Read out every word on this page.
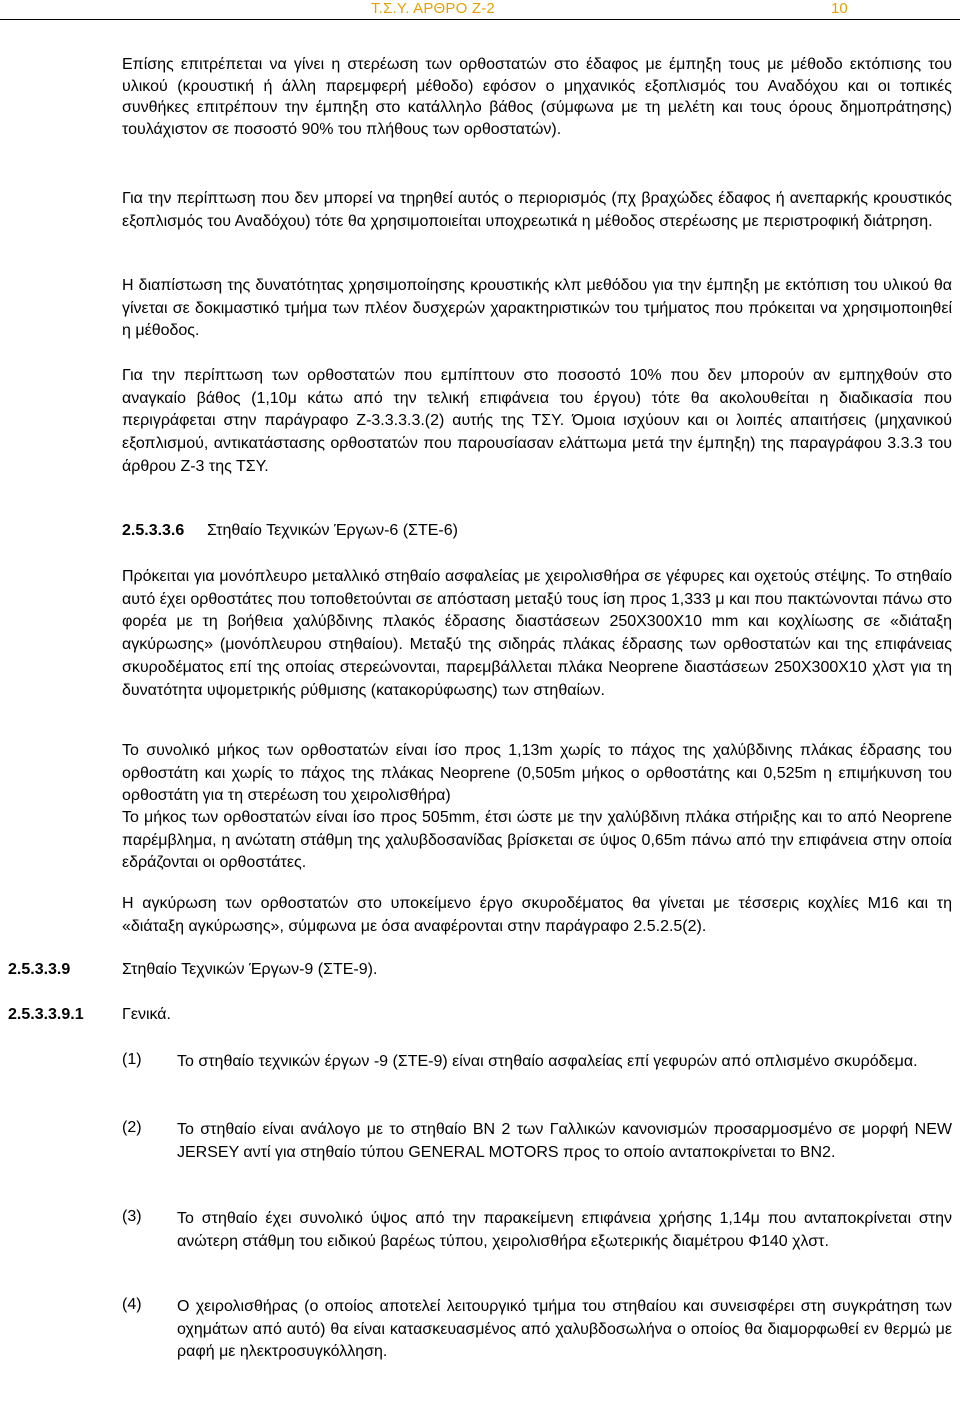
Τ.Σ.Υ. ΑΡΘΡΟ Ζ-2	10

Επίσης επιτρέπεται να γίνει η στερέωση των ορθοστατών στο έδαφος με έμπηξη τους με μέθοδο εκτόπισης του υλικού (κρουστική ή άλλη παρεμφερή μέθοδο) εφόσον ο μηχανικός εξοπλισμός του Αναδόχου και οι τοπικές συνθήκες επιτρέπουν την έμπηξη στο κατάλληλο βάθος (σύμφωνα με τη μελέτη και τους όρους δημοπράτησης) τουλάχιστον σε ποσοστό 90% του πλήθους των ορθοστατών).

Για την περίπτωση που δεν μπορεί να τηρηθεί αυτός ο περιορισμός (πχ βραχώδες έδαφος ή ανεπαρκής κρουστικός εξοπλισμός του Αναδόχου) τότε θα χρησιμοποιείται υποχρεωτικά η μέθοδος στερέωσης με περιστροφική διάτρηση.

Η διαπίστωση της δυνατότητας χρησιμοποίησης κρουστικής κλπ μεθόδου για την έμπηξη με εκτόπιση του υλικού θα γίνεται σε δοκιμαστικό τμήμα των πλέον δυσχερών χαρακτηριστικών του τμήματος που πρόκειται να χρησιμοποιηθεί η μέθοδος.

Για την περίπτωση των ορθοστατών που εμπίπτουν στο ποσοστό 10% που δεν μπορούν αν εμπηχθούν στο αναγκαίο βάθος (1,10μ κάτω από την τελική επιφάνεια του έργου) τότε θα ακολουθείται η διαδικασία που περιγράφεται στην παράγραφο Ζ-3.3.3.3.(2) αυτής της ΤΣΥ. Όμοια ισχύουν και οι λοιπές απαιτήσεις (μηχανικού εξοπλισμού, αντικατάστασης ορθοστατών που παρουσίασαν ελάττωμα μετά την έμπηξη) της παραγράφου 3.3.3 του άρθρου Ζ-3 της ΤΣΥ.

2.5.3.3.6 Στηθαίο Τεχνικών Έργων-6 (ΣΤΕ-6)

Πρόκειται για μονόπλευρο μεταλλικό στηθαίο ασφαλείας με χειρολισθήρα σε γέφυρες και οχετούς στέψης. Το στηθαίο αυτό έχει ορθοστάτες που τοποθετούνται σε απόσταση μεταξύ τους ίση προς 1,333 μ και που πακτώνονται πάνω στο φορέα με τη βοήθεια χαλύβδινης πλακός έδρασης διαστάσεων 250Χ300Χ10 mm και κοχλίωσης σε «διάταξη αγκύρωσης» (μονόπλευρου στηθαίου). Μεταξύ της σιδηράς πλάκας έδρασης των ορθοστατών και της επιφάνειας σκυροδέματος επί της οποίας στερεώνονται, παρεμβάλλεται πλάκα Neoprene διαστάσεων 250Χ300Χ10 χλστ για τη δυνατότητα υψομετρικής ρύθμισης (κατακορύφωσης) των στηθαίων.

Το συνολικό μήκος των ορθοστατών είναι ίσο προς 1,13m χωρίς το πάχος της χαλύβδινης πλάκας έδρασης του ορθοστάτη και χωρίς το πάχος της πλάκας Neoprene (0,505m μήκος ο ορθοστάτης και 0,525m η επιμήκυνση του ορθοστάτη για τη στερέωση του χειρολισθήρα)

Το μήκος των ορθοστατών είναι ίσο προς 505mm, έτσι ώστε με την χαλύβδινη πλάκα στήριξης και το από Neoprene παρέμβλημα, η ανώτατη στάθμη της χαλυβδοσανίδας βρίσκεται σε ύψος 0,65m πάνω από την επιφάνεια στην οποία εδράζονται οι ορθοστάτες.

Η αγκύρωση των ορθοστατών στο υποκείμενο έργο σκυροδέματος θα γίνεται με τέσσερις κοχλίες Μ16 και τη «διάταξη αγκύρωσης», σύμφωνα με όσα αναφέρονται στην παράγραφο 2.5.2.5(2).

2.5.3.3.9	Στηθαίο Τεχνικών Έργων-9 (ΣΤΕ-9).
2.5.3.3.9.1 Γενικά.
(1) Το στηθαίο τεχνικών έργων -9 (ΣΤΕ-9) είναι στηθαίο ασφαλείας επί γεφυρών από οπλισμένο σκυρόδεμα.

(2) Το στηθαίο είναι ανάλογο με το στηθαίο ΒΝ 2 των Γαλλικών κανονισμών προσαρμοσμένο σε μορφή NEW JERSEY αντί για στηθαίο τύπου GENERAL MOTORS προς το οποίο ανταποκρίνεται το ΒΝ2.

(3) Το στηθαίο έχει συνολικό ύψος από την παρακείμενη επιφάνεια χρήσης 1,14μ που ανταποκρίνεται στην ανώτερη στάθμη του ειδικού βαρέως τύπου, χειρολισθήρα εξωτερικής διαμέτρου Φ140 χλστ.

(4) Ο χειρολισθήρας (ο οποίος αποτελεί λειτουργικό τμήμα του στηθαίου και συνεισφέρει στη συγκράτηση των οχημάτων από αυτό) θα είναι κατασκευασμένος από χαλυβδοσωλήνα ο οποίος θα διαμορφωθεί εν θερμώ με ραφή με ηλεκτροσυγκόλληση.
